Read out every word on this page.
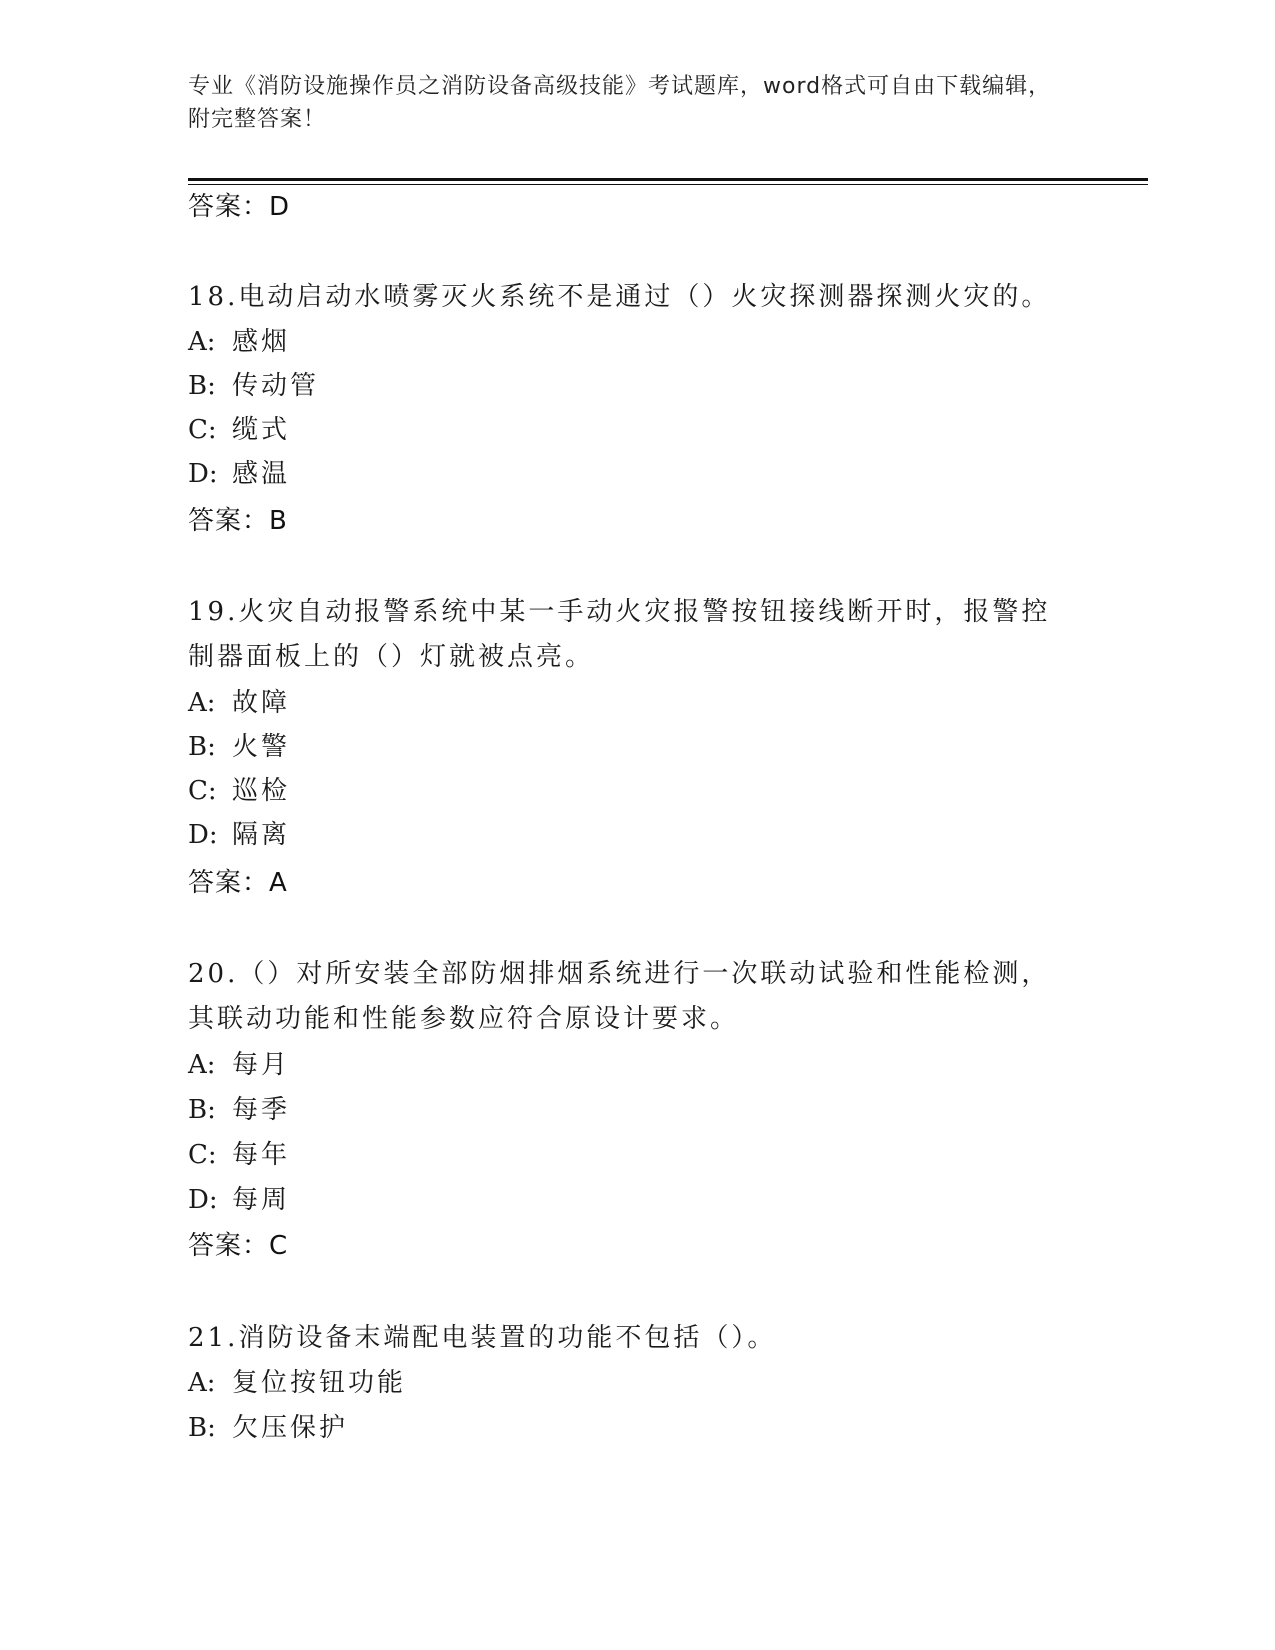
专业《消防设施操作员之消防设备高级技能》考试题库，word格式可自由下载编辑，附完整答案！
答案：D
18.电动启动水喷雾灭火系统不是通过（）火灾探测器探测火灾的。
A: 感烟
B: 传动管
C: 缆式
D: 感温
答案：B
19.火灾自动报警系统中某一手动火灾报警按钮接线断开时，报警控制器面板上的（）灯就被点亮。
A: 故障
B: 火警
C: 巡检
D: 隔离
答案：A
20.（）对所安装全部防烟排烟系统进行一次联动试验和性能检测，其联动功能和性能参数应符合原设计要求。
A: 每月
B: 每季
C: 每年
D: 每周
答案：C
21.消防设备末端配电装置的功能不包括（）。
A: 复位按钮功能
B: 欠压保护
